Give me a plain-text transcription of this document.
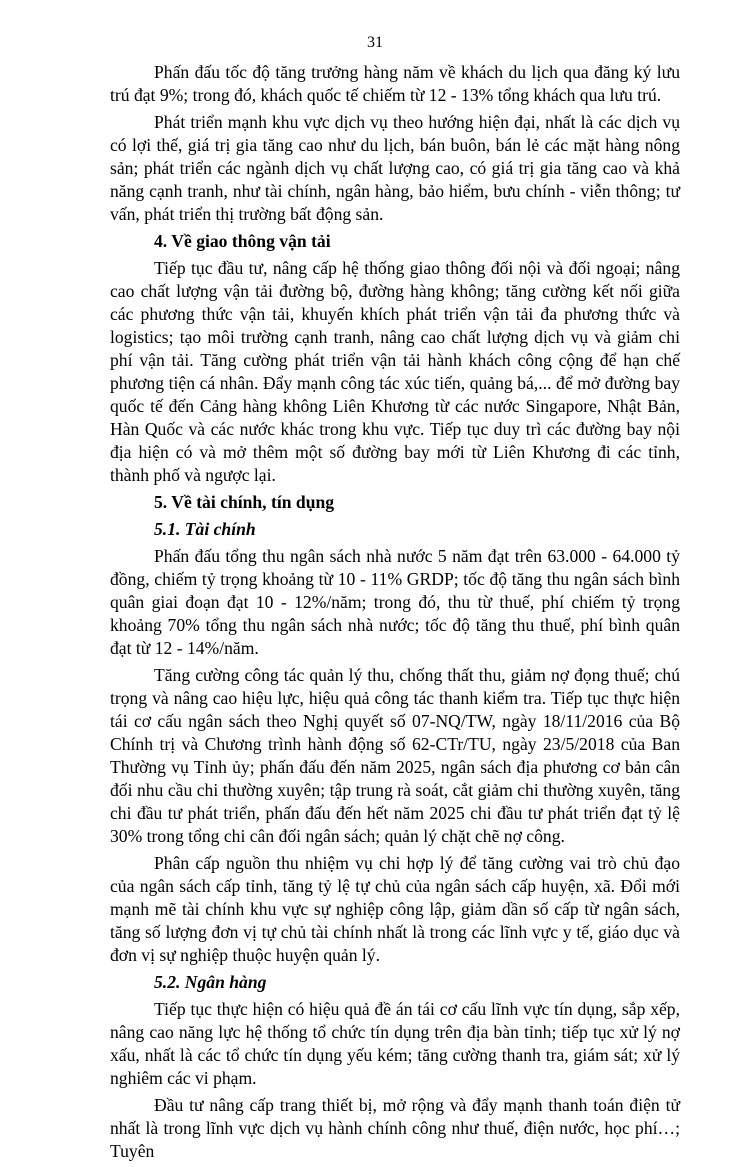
31

Phấn đấu tốc độ tăng trưởng hàng năm về khách du lịch qua đăng ký lưu trú đạt 9%; trong đó, khách quốc tế chiếm từ 12 - 13% tổng khách qua lưu trú.

Phát triển mạnh khu vực dịch vụ theo hướng hiện đại, nhất là các dịch vụ có lợi thế, giá trị gia tăng cao như du lịch, bán buôn, bán lẻ các mặt hàng nông sản; phát triển các ngành dịch vụ chất lượng cao, có giá trị gia tăng cao và khả năng cạnh tranh, như tài chính, ngân hàng, bảo hiểm, bưu chính - viễn thông; tư vấn, phát triển thị trường bất động sản.

4. Về giao thông vận tải

Tiếp tục đầu tư, nâng cấp hệ thống giao thông đối nội và đối ngoại; nâng cao chất lượng vận tải đường bộ, đường hàng không; tăng cường kết nối giữa các phương thức vận tải, khuyến khích phát triển vận tải đa phương thức và logistics; tạo môi trường cạnh tranh, nâng cao chất lượng dịch vụ và giảm chi phí vận tải. Tăng cường phát triển vận tải hành khách công cộng để hạn chế phương tiện cá nhân. Đẩy mạnh công tác xúc tiến, quảng bá,... để mở đường bay quốc tế đến Cảng hàng không Liên Khương từ các nước Singapore, Nhật Bản, Hàn Quốc và các nước khác trong khu vực. Tiếp tục duy trì các đường bay nội địa hiện có và mở thêm một số đường bay mới từ Liên Khương đi các tỉnh, thành phố và ngược lại.

5. Về tài chính, tín dụng
5.1. Tài chính

Phấn đấu tổng thu ngân sách nhà nước 5 năm đạt trên 63.000 - 64.000 tỷ đồng, chiếm tỷ trọng khoảng từ 10 - 11% GRDP; tốc độ tăng thu ngân sách bình quân giai đoạn đạt 10 - 12%/năm; trong đó, thu từ thuế, phí chiếm tỷ trọng khoảng 70% tổng thu ngân sách nhà nước; tốc độ tăng thu thuế, phí bình quân đạt từ 12 - 14%/năm.

Tăng cường công tác quản lý thu, chống thất thu, giảm nợ đọng thuế; chú trọng và nâng cao hiệu lực, hiệu quả công tác thanh kiểm tra. Tiếp tục thực hiện tái cơ cấu ngân sách theo Nghị quyết số 07-NQ/TW, ngày 18/11/2016 của Bộ Chính trị và Chương trình hành động số 62-CTr/TU, ngày 23/5/2018 của Ban Thường vụ Tỉnh ủy; phấn đấu đến năm 2025, ngân sách địa phương cơ bản cân đối nhu cầu chi thường xuyên; tập trung rà soát, cắt giảm chi thường xuyên, tăng chi đầu tư phát triển, phấn đấu đến hết năm 2025 chi đầu tư phát triển đạt tỷ lệ 30% trong tổng chi cân đối ngân sách; quản lý chặt chẽ nợ công.

Phân cấp nguồn thu nhiệm vụ chi hợp lý để tăng cường vai trò chủ đạo của ngân sách cấp tỉnh, tăng tỷ lệ tự chủ của ngân sách cấp huyện, xã. Đổi mới mạnh mẽ tài chính khu vực sự nghiệp công lập, giảm dần số cấp từ ngân sách, tăng số lượng đơn vị tự chủ tài chính nhất là trong các lĩnh vực y tế, giáo dục và đơn vị sự nghiệp thuộc huyện quản lý.

5.2. Ngân hàng

Tiếp tục thực hiện có hiệu quả đề án tái cơ cấu lĩnh vực tín dụng, sắp xếp, nâng cao năng lực hệ thống tổ chức tín dụng trên địa bàn tỉnh; tiếp tục xử lý nợ xấu, nhất là các tổ chức tín dụng yếu kém; tăng cường thanh tra, giám sát; xử lý nghiêm các vi phạm.

Đầu tư nâng cấp trang thiết bị, mở rộng và đẩy mạnh thanh toán điện tử nhất là trong lĩnh vực dịch vụ hành chính công như thuế, điện nước, học phí…; Tuyên
